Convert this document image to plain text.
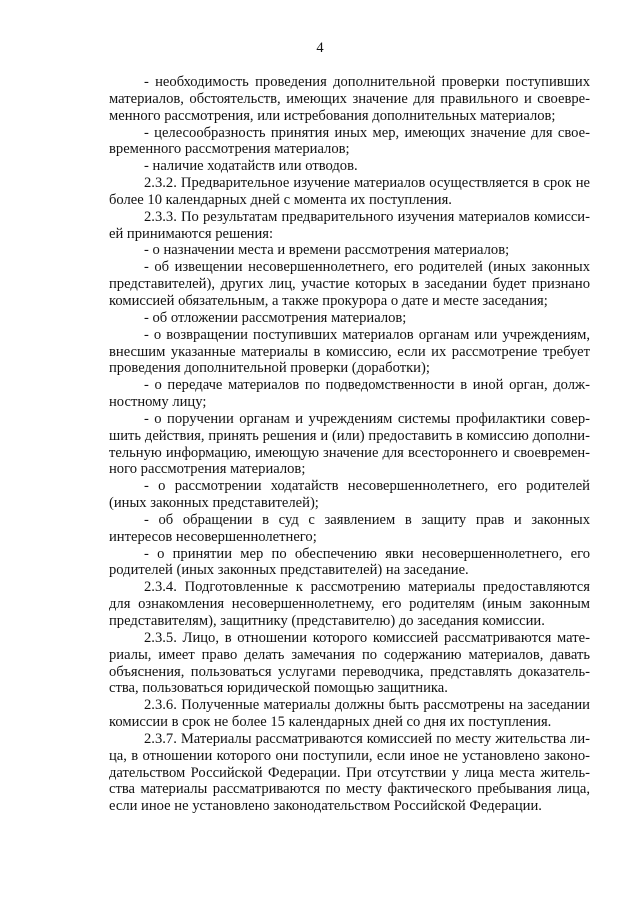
4

- необходимость проведения дополнительной проверки поступивших материалов, обстоятельств, имеющих значение для правильного и своевременного рассмотрения, или истребования дополнительных материалов;

- целесообразность принятия иных мер, имеющих значение для своевременного рассмотрения материалов;

- наличие ходатайств или отводов.

2.3.2. Предварительное изучение материалов осуществляется в срок не более 10 календарных дней с момента их поступления.

2.3.3. По результатам предварительного изучения материалов комиссией принимаются решения:

- о назначении места и времени рассмотрения материалов;

- об извещении несовершеннолетнего, его родителей (иных законных представителей), других лиц, участие которых в заседании будет признано комиссией обязательным, а также прокурора о дате и месте заседания;

- об отложении рассмотрения материалов;

- о возвращении поступивших материалов органам или учреждениям, внесшим указанные материалы в комиссию, если их рассмотрение требует проведения дополнительной проверки (доработки);

- о передаче материалов по подведомственности в иной орган, должностному лицу;

- о поручении органам и учреждениям системы профилактики совершить действия, принять решения и (или) предоставить в комиссию дополнительную информацию, имеющую значение для всестороннего и своевременного рассмотрения материалов;

- о рассмотрении ходатайств несовершеннолетнего, его родителей (иных законных представителей);

- об обращении в суд с заявлением в защиту прав и законных интересов несовершеннолетнего;

- о принятии мер по обеспечению явки несовершеннолетнего, его родителей (иных законных представителей) на заседание.

2.3.4. Подготовленные к рассмотрению материалы предоставляются для ознакомления несовершеннолетнему, его родителям (иным законным представителям), защитнику (представителю) до заседания комиссии.

2.3.5. Лицо, в отношении которого комиссией рассматриваются материалы, имеет право делать замечания по содержанию материалов, давать объяснения, пользоваться услугами переводчика, представлять доказательства, пользоваться юридической помощью защитника.

2.3.6. Полученные материалы должны быть рассмотрены на заседании комиссии в срок не более 15 календарных дней со дня их поступления.

2.3.7. Материалы рассматриваются комиссией по месту жительства лица, в отношении которого они поступили, если иное не установлено законодательством Российской Федерации. При отсутствии у лица места жительства материалы рассматриваются по месту фактического пребывания лица, если иное не установлено законодательством Российской Федерации.
